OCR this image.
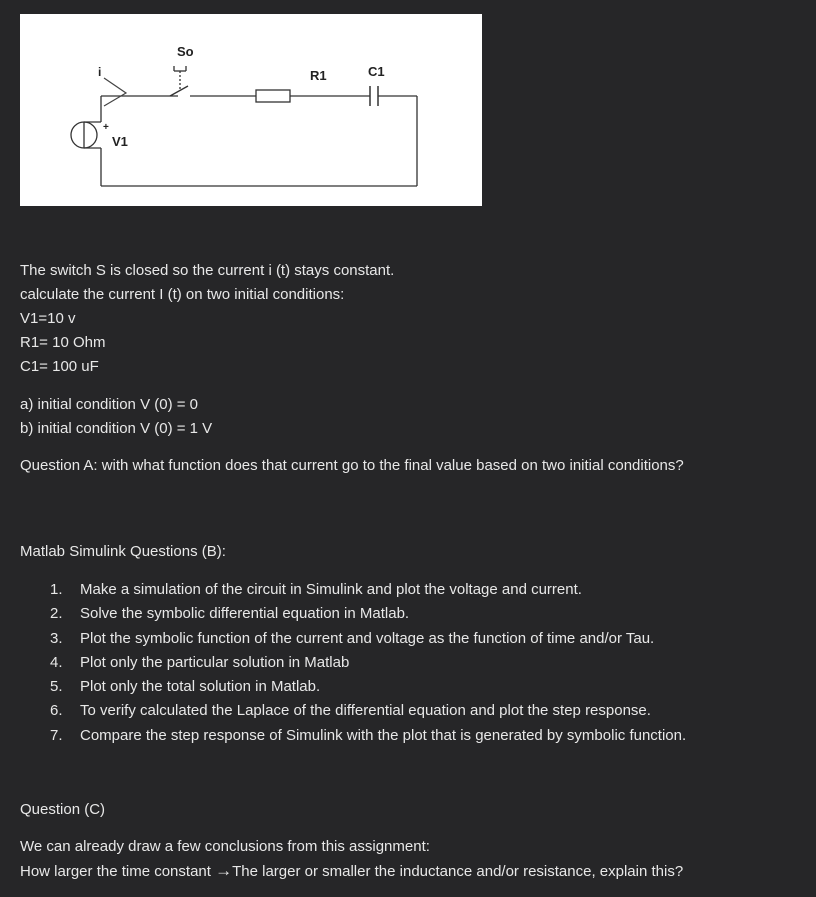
i
So
R1	C1
+
V1
The switch S is closed so the current i (t) stays constant.
calculate the current I (t) on two initial conditions:
V1=10 v
R1= 10 Ohm
C1= 100 uF
a) initial condition V (0) = 0
b) initial condition V (0) = 1 V
Question A: with what function does that current go to the final value based on two initial conditions?
Matlab Simulink Questions (B):
1. Make a simulation of the circuit in Simulink and plot the voltage and current.
2. Solve the symbolic differential equation in Matlab.
3. Plot the symbolic function of the current and voltage as the function of time and/or Tau.
4. Plot only the particular solution in Matlab
5. Plot only the total solution in Matlab.
6. To verify calculated the Laplace of the differential equation and plot the step response.
7. Compare the step response of Simulink with the plot that is generated by symbolic function.
Question (C)
We can already draw a few conclusions from this assignment:
How larger the time constant →The larger or smaller the inductance and/or resistance, explain this?
